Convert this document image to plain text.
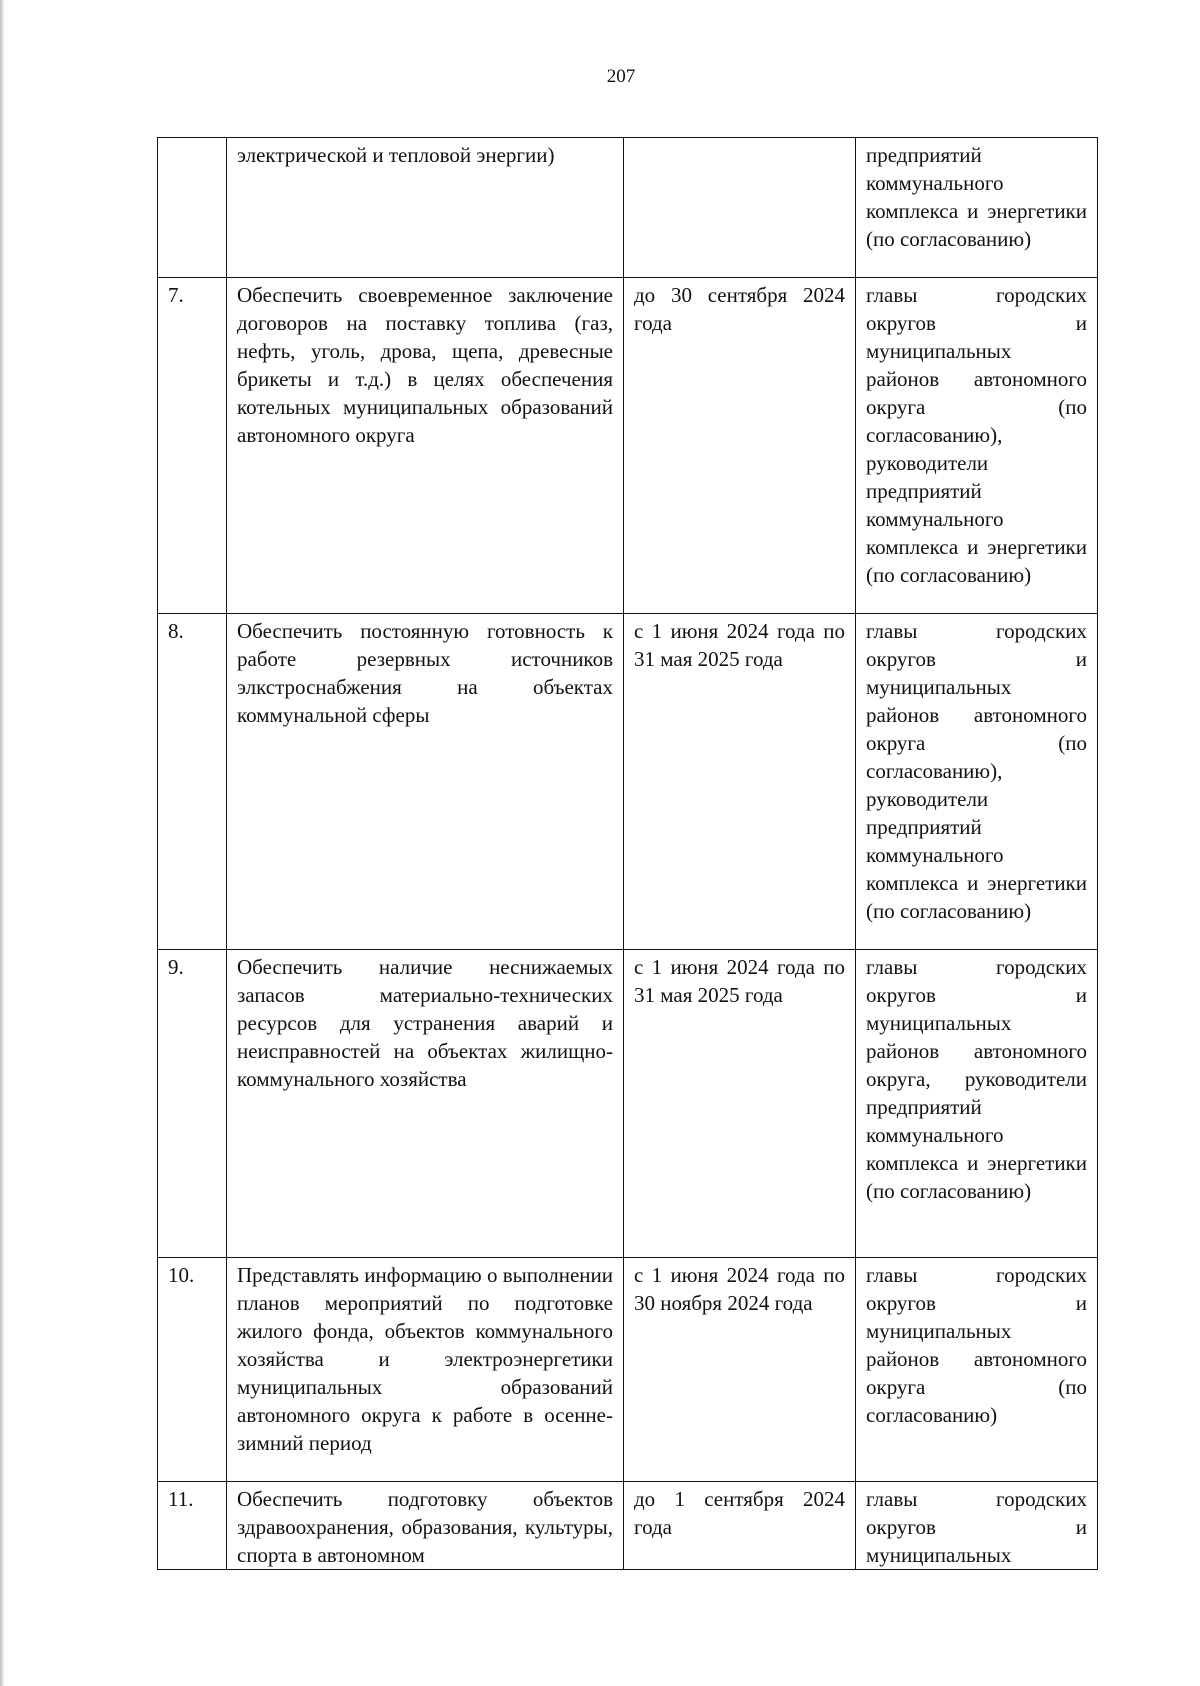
207
	электрической и тепловой энергии)		предприятий коммунального комплекса и энергетики (по согласованию)
7.	Обеспечить своевременное заключение договоров на поставку топлива (газ, нефть, уголь, дрова, щепа, древесные брикеты и т.д.) в целях обеспечения котельных муниципальных образований автономного округа	до 30 сентября 2024 года	главы городских округов и муниципальных районов автономного округа (по согласованию), руководители предприятий коммунального комплекса и энергетики (по согласованию)
8.	Обеспечить постоянную готовность к работе резервных источников элкстроснабжения на объектах коммунальной сферы	с 1 июня 2024 года по 31 мая 2025 года	главы городских округов и муниципальных районов автономного округа (по согласованию), руководители предприятий коммунального комплекса и энергетики (по согласованию)
9.	Обеспечить наличие неснижаемых запасов материально-технических ресурсов для устранения аварий и неисправностей на объектах жилищно-коммунального хозяйства	с 1 июня 2024 года по 31 мая 2025 года	главы городских округов и муниципальных районов автономного округа, руководители предприятий коммунального комплекса и энергетики (по согласованию)
10.	Представлять информацию о выполнении планов мероприятий по подготовке жилого фонда, объектов коммунального хозяйства и электроэнергетики муниципальных образований автономного округа к работе в осенне-зимний период	с 1 июня 2024 года по 30 ноября 2024 года	главы городских округов и муниципальных районов автономного округа (по согласованию)
11.	Обеспечить подготовку объектов здравоохранения, образования, культуры, спорта в автономном	до 1 сентября 2024 года	главы городских округов и муниципальных
